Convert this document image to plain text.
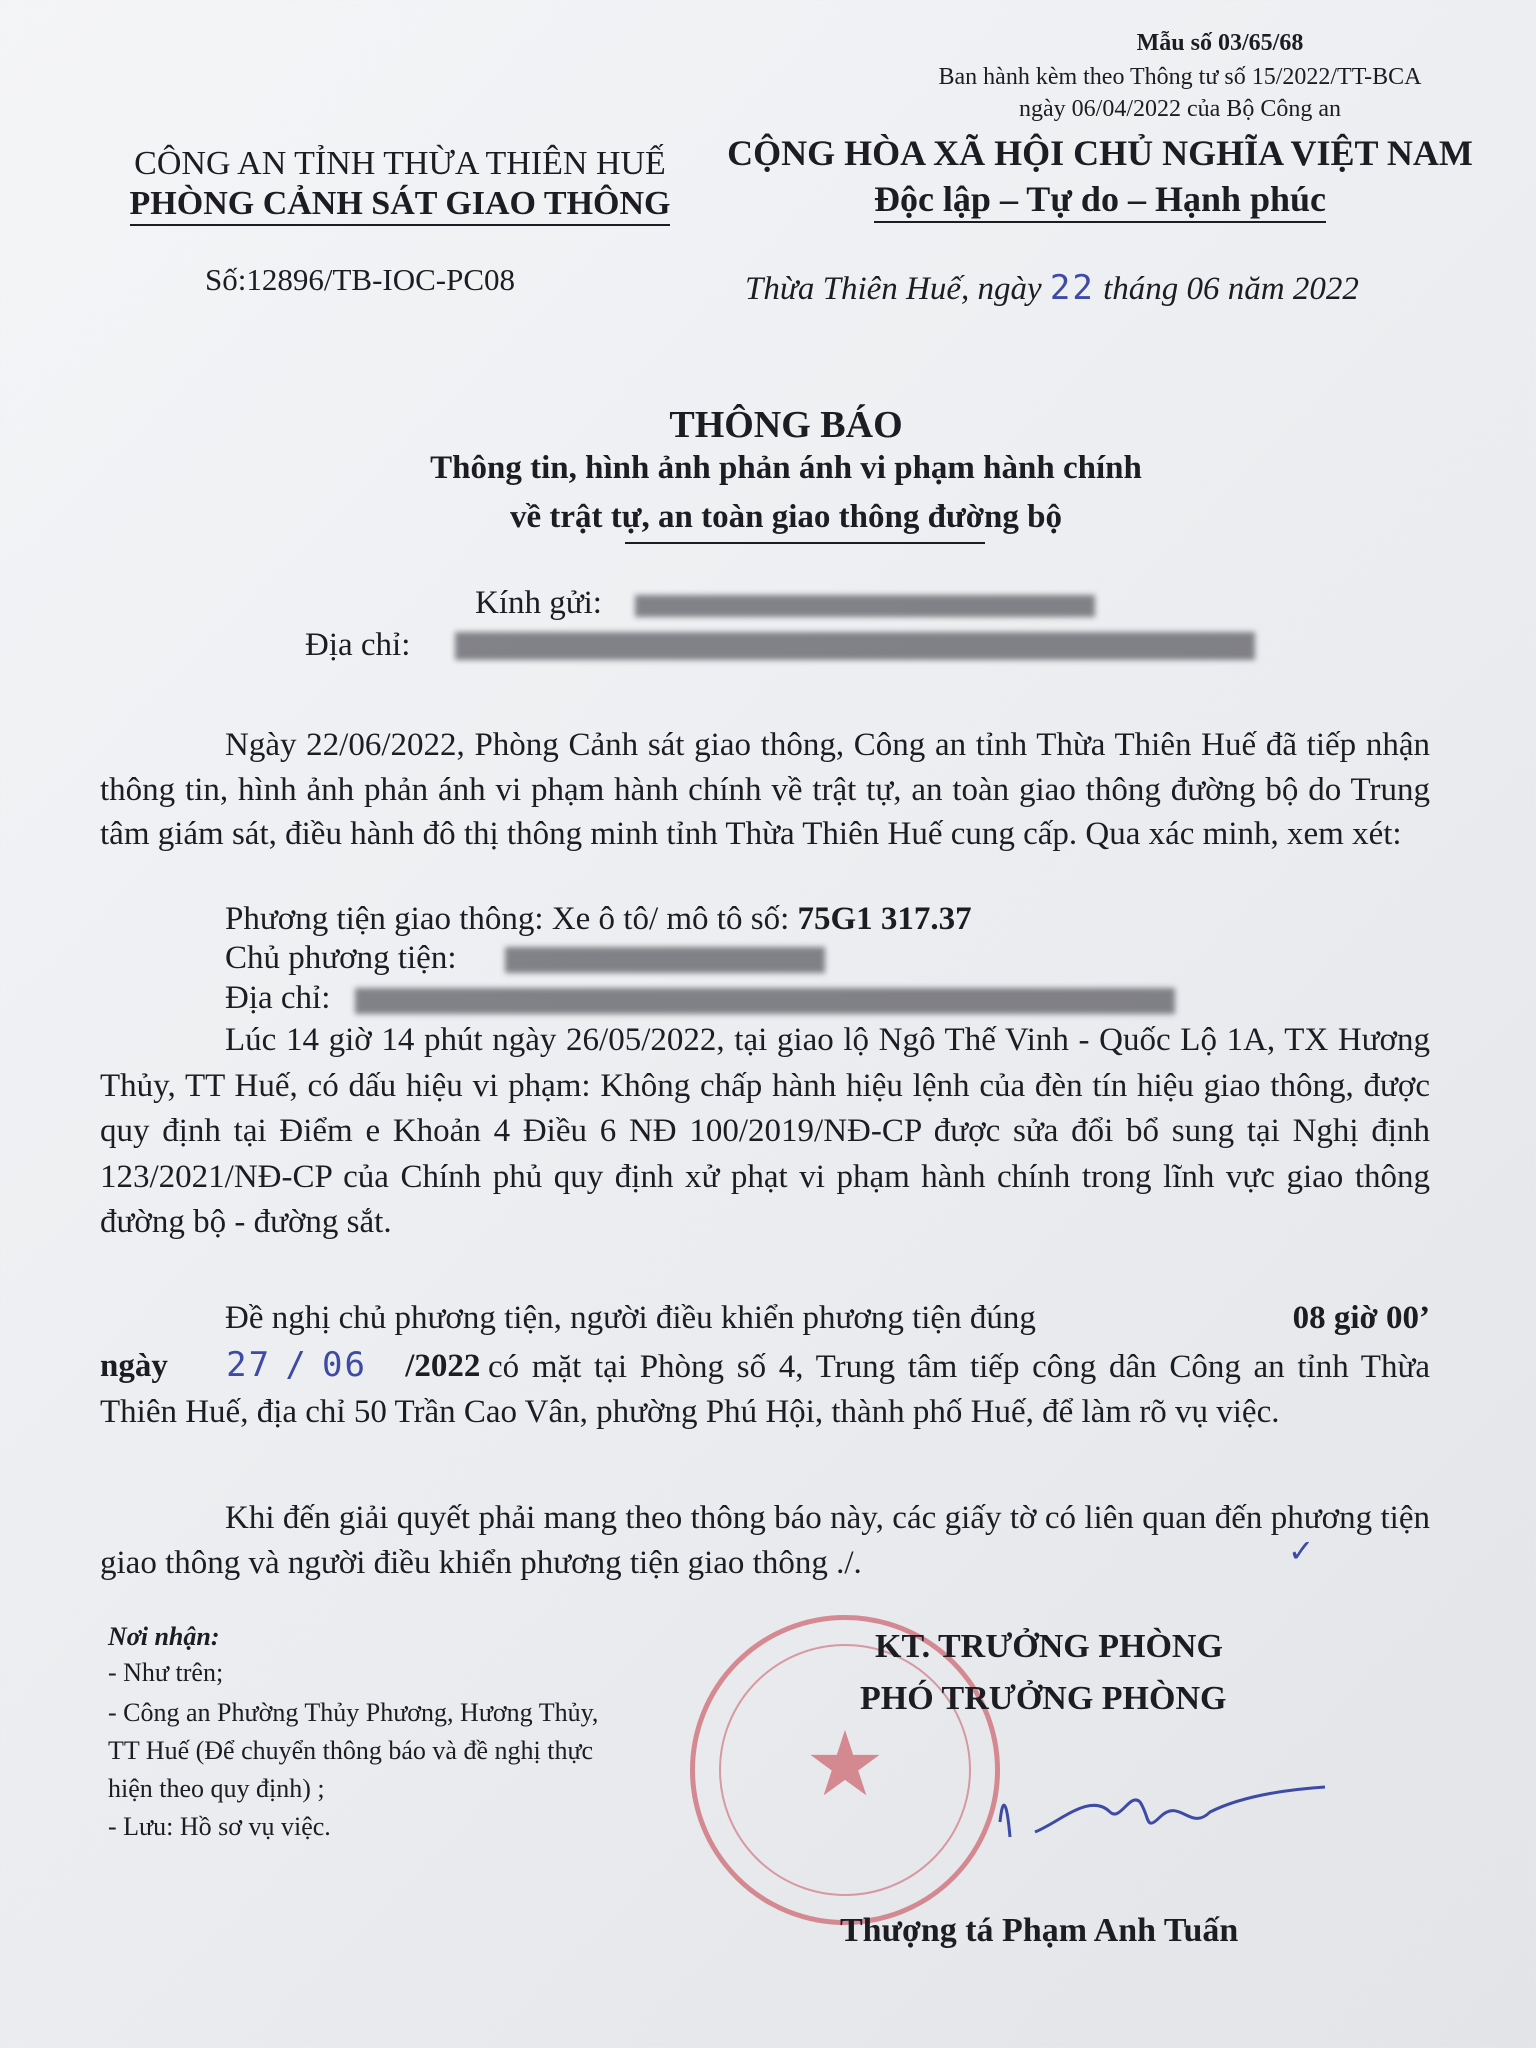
Mẫu số 03/65/68
Ban hành kèm theo Thông tư số 15/2022/TT-BCA
ngày 06/04/2022 của Bộ Công an
CÔNG AN TỈNH THỪA THIÊN HUẾ
PHÒNG CẢNH SÁT GIAO THÔNG
CỘNG HÒA XÃ HỘI CHỦ NGHĨA VIỆT NAM
Độc lập – Tự do – Hạnh phúc
Số:12896/TB-IOC-PC08	Thừa Thiên Huế, ngày 22 tháng 06 năm 2022
THÔNG BÁO
Thông tin, hình ảnh phản ánh vi phạm hành chính
về trật tự, an toàn giao thông đường bộ
Kính gửi:
Địa chỉ:
Ngày 22/06/2022, Phòng Cảnh sát giao thông, Công an tỉnh Thừa Thiên Huế đã tiếp nhận thông tin, hình ảnh phản ánh vi phạm hành chính về trật tự, an toàn giao thông đường bộ do Trung tâm giám sát, điều hành đô thị thông minh tỉnh Thừa Thiên Huế cung cấp. Qua xác minh, xem xét:
Phương tiện giao thông: Xe ô tô/ mô tô số: 75G1 317.37
Chủ phương tiện:
Địa chỉ:
Lúc 14 giờ 14 phút ngày 26/05/2022, tại giao lộ Ngô Thế Vinh - Quốc Lộ 1A, TX Hương Thủy, TT Huế, có dấu hiệu vi phạm: Không chấp hành hiệu lệnh của đèn tín hiệu giao thông, được quy định tại Điểm e Khoản 4 Điều 6 NĐ 100/2019/NĐ-CP được sửa đổi bổ sung tại Nghị định 123/2021/NĐ-CP của Chính phủ quy định xử phạt vi phạm hành chính trong lĩnh vực giao thông đường bộ - đường sắt.
Đề nghị chủ phương tiện, người điều khiển phương tiện đúng	08 giờ 00’
ngày 27 / 06 /2022 có mặt tại Phòng số 4, Trung tâm tiếp công dân Công an tỉnh Thừa Thiên Huế, địa chỉ 50 Trần Cao Vân, phường Phú Hội, thành phố Huế, để làm rõ vụ việc.
Khi đến giải quyết phải mang theo thông báo này, các giấy tờ có liên quan đến phương tiện giao thông và người điều khiển phương tiện giao thông ./.	✓
Nơi nhận:
- Như trên;
- Công an Phường Thủy Phương, Hương Thủy,
TT Huế (Để chuyển thông báo và đề nghị thực
hiện theo quy định) ;
- Lưu: Hồ sơ vụ việc.
★
KT. TRƯỞNG PHÒNG
PHÓ TRƯỞNG PHÒNG
Thượng tá Phạm Anh Tuấn
